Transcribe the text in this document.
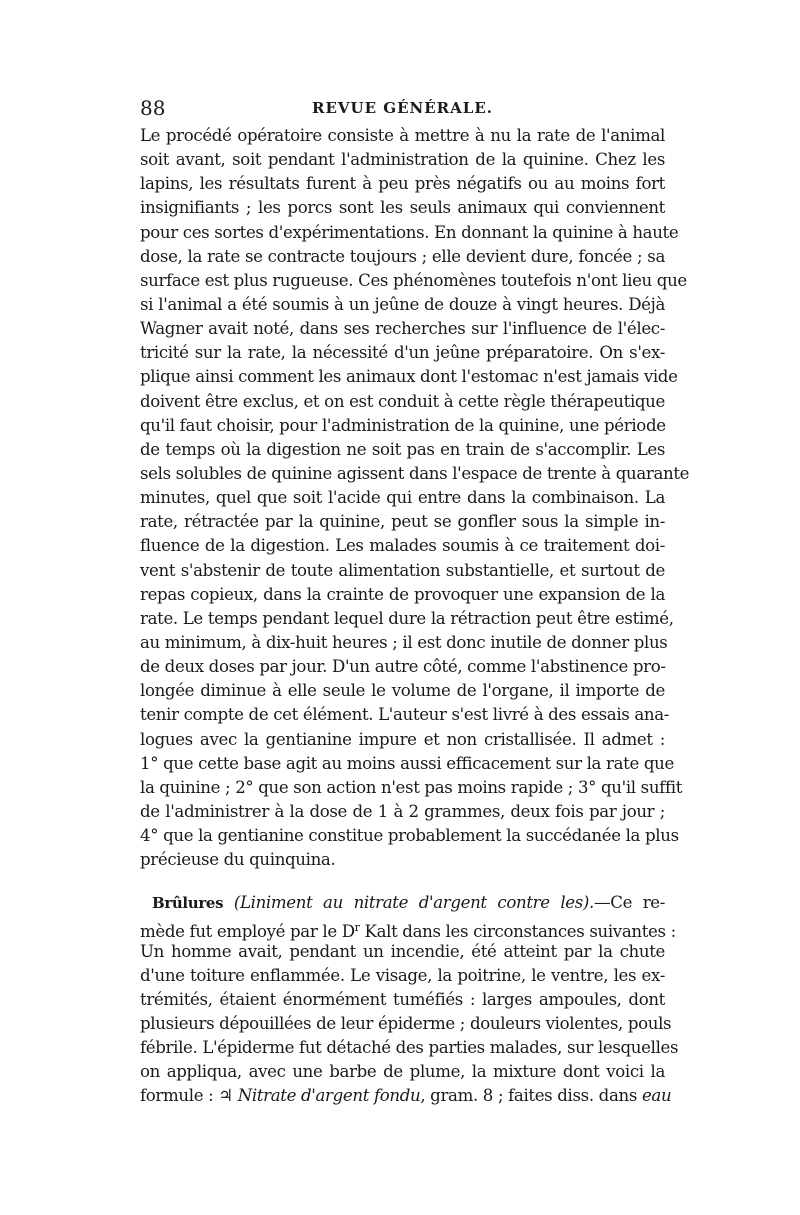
88	REVUE GÉNÉRALE.
Le procédé opératoire consiste à mettre à nu la rate de l'animal
soit avant, soit pendant l'administration de la quinine. Chez les
lapins, les résultats furent à peu près négatifs ou au moins fort
insignifiants ; les porcs sont les seuls animaux qui conviennent
pour ces sortes d'expérimentations. En donnant la quinine à haute
dose, la rate se contracte toujours ; elle devient dure, foncée ; sa
surface est plus rugueuse. Ces phénomènes toutefois n'ont lieu que
si l'animal a été soumis à un jeûne de douze à vingt heures. Déjà
Wagner avait noté, dans ses recherches sur l'influence de l'élec-
tricité sur la rate, la nécessité d'un jeûne préparatoire. On s'ex-
plique ainsi comment les animaux dont l'estomac n'est jamais vide
doivent être exclus, et on est conduit à cette règle thérapeutique
qu'il faut choisir, pour l'administration de la quinine, une période
de temps où la digestion ne soit pas en train de s'accomplir. Les
sels solubles de quinine agissent dans l'espace de trente à quarante
minutes, quel que soit l'acide qui entre dans la combinaison. La
rate, rétractée par la quinine, peut se gonfler sous la simple in-
fluence de la digestion. Les malades soumis à ce traitement doi-
vent s'abstenir de toute alimentation substantielle, et surtout de
repas copieux, dans la crainte de provoquer une expansion de la
rate. Le temps pendant lequel dure la rétraction peut être estimé,
au minimum, à dix-huit heures ; il est donc inutile de donner plus
de deux doses par jour. D'un autre côté, comme l'abstinence pro-
longée diminue à elle seule le volume de l'organe, il importe de
tenir compte de cet élément. L'auteur s'est livré à des essais ana-
logues avec la gentianine impure et non cristallisée. Il admet :
1° que cette base agit au moins aussi efficacement sur la rate que
la quinine ; 2° que son action n'est pas moins rapide ; 3° qu'il suffit
de l'administrer à la dose de 1 à 2 grammes, deux fois par jour ;
4° que la gentianine constitue probablement la succédanée la plus
précieuse du quinquina.
Brûlures (Liniment au nitrate d'argent contre les).—Ce re-
mède fut employé par le $D^r$ Kalt dans les circonstances suivantes :
Un homme avait, pendant un incendie, été atteint par la chute
d'une toiture enflammée. Le visage, la poitrine, le ventre, les ex-
trémités, étaient énormément tuméfiés : larges ampoules, dont
plusieurs dépouillées de leur épiderme ; douleurs violentes, pouls
fébrile. L'épiderme fut détaché des parties malades, sur lesquelles
on appliqua, avec une barbe de plume, la mixture dont voici la
formule : ♃ Nitrate d'argent fondu, gram. 8 ; faites diss. dans eau
